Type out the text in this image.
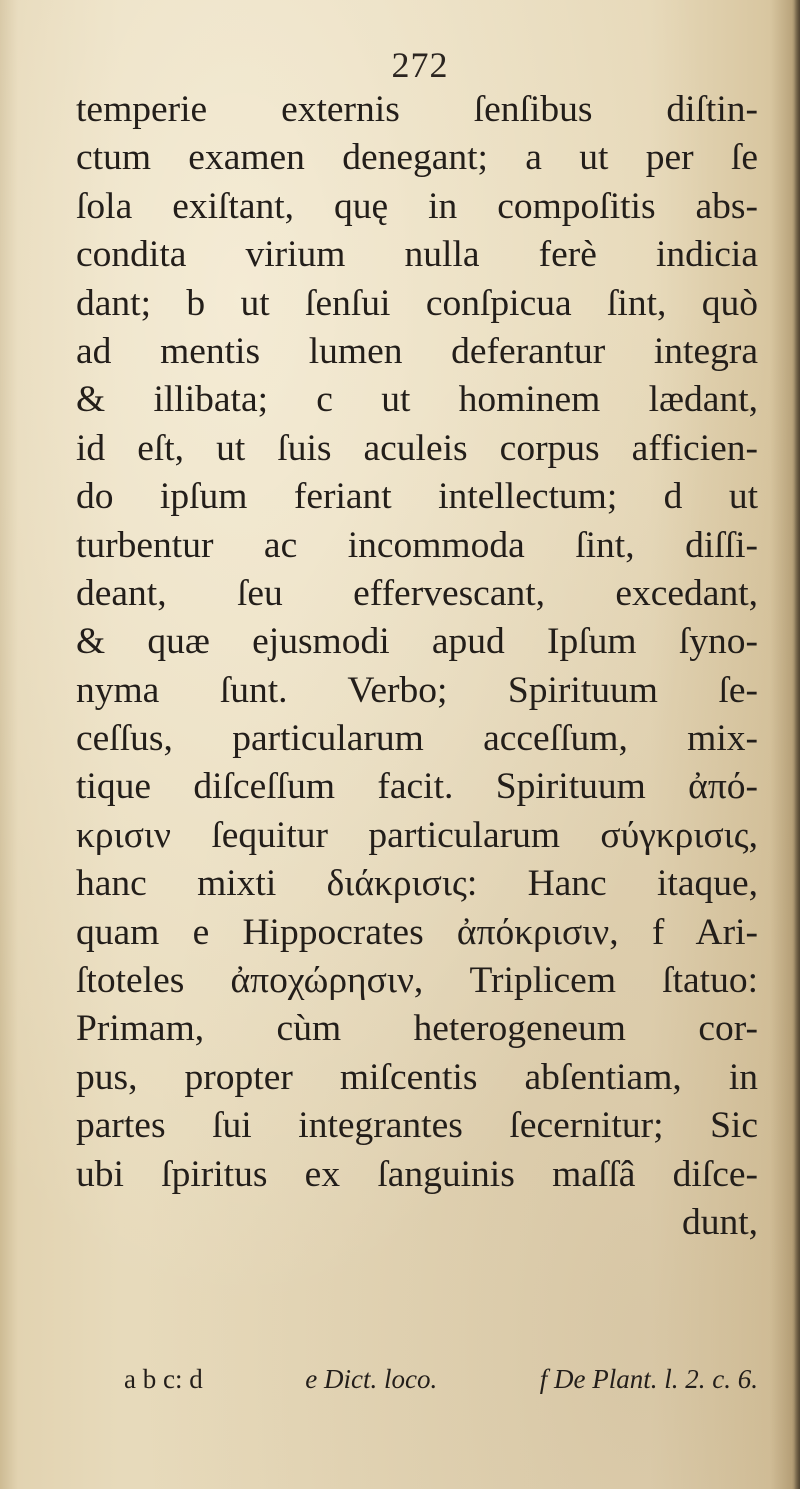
272
temperie externis ſenſibus diſtin-
ctum examen denegant; a ut per ſe
ſola exiſtant, quę in compoſitis abs-
condita virium nulla ferè indicia
dant; b ut ſenſui conſpicua ſint, quò
ad mentis lumen deferantur integra
& illibata; c ut hominem lædant,
id eſt, ut ſuis aculeis corpus afficien-
do ipſum feriant intellectum; d ut
turbentur ac incommoda ſint, diſſi-
deant, ſeu effervescant, excedant,
& quæ ejusmodi apud Ipſum ſyno-
nyma ſunt. Verbo; Spirituum ſe-
ceſſus, particularum acceſſum, mix-
tique diſceſſum facit. Spirituum ἀπό-
κρισιν ſequitur particularum σύγκρισις,
hanc mixti διάκρισις: Hanc itaque,
quam e Hippocrates ἀπόκρισιν, f Ari-
ſtoteles ἀποχώρησιν, Triplicem ſtatuo:
Primam, cùm heterogeneum cor-
pus, propter miſcentis abſentiam, in
partes ſui integrantes ſecernitur; Sic
ubi ſpiritus ex ſanguinis maſſâ diſce-
dunt,
a b c: d	e Dict. loco.	f De Plant. l. 2. c. 6.
